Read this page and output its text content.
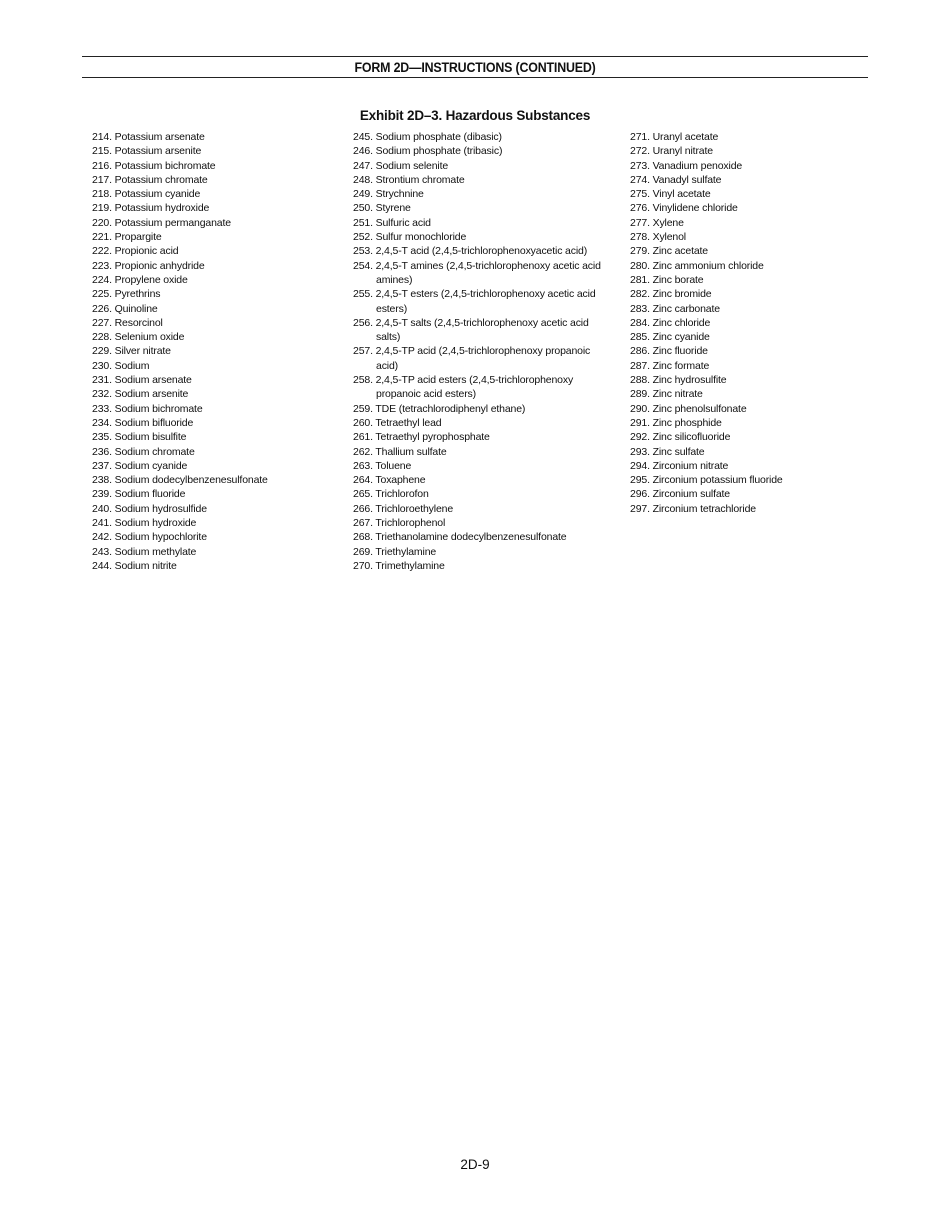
FORM 2D—INSTRUCTIONS (CONTINUED)
Exhibit 2D–3. Hazardous Substances
214. Potassium arsenate
215. Potassium arsenite
216. Potassium bichromate
217. Potassium chromate
218. Potassium cyanide
219. Potassium hydroxide
220. Potassium permanganate
221. Propargite
222. Propionic acid
223. Propionic anhydride
224. Propylene oxide
225. Pyrethrins
226. Quinoline
227. Resorcinol
228. Selenium oxide
229. Silver nitrate
230. Sodium
231. Sodium arsenate
232. Sodium arsenite
233. Sodium bichromate
234. Sodium bifluoride
235. Sodium bisulfite
236. Sodium chromate
237. Sodium cyanide
238. Sodium dodecylbenzenesulfonate
239. Sodium fluoride
240. Sodium hydrosulfide
241. Sodium hydroxide
242. Sodium hypochlorite
243. Sodium methylate
244. Sodium nitrite
245. Sodium phosphate (dibasic)
246. Sodium phosphate (tribasic)
247. Sodium selenite
248. Strontium chromate
249. Strychnine
250. Styrene
251. Sulfuric acid
252. Sulfur monochloride
253. 2,4,5-T acid (2,4,5-trichlorophenoxyacetic acid)
254. 2,4,5-T amines (2,4,5-trichlorophenoxy acetic acid amines)
255. 2,4,5-T esters (2,4,5-trichlorophenoxy acetic acid esters)
256. 2,4,5-T salts (2,4,5-trichlorophenoxy acetic acid salts)
257. 2,4,5-TP acid (2,4,5-trichlorophenoxy propanoic acid)
258. 2,4,5-TP acid esters (2,4,5-trichlorophenoxy propanoic acid esters)
259. TDE (tetrachlorodiphenyl ethane)
260. Tetraethyl lead
261. Tetraethyl pyrophosphate
262. Thallium sulfate
263. Toluene
264. Toxaphene
265. Trichlorofon
266. Trichloroethylene
267. Trichlorophenol
268. Triethanolamine dodecylbenzenesulfonate
269. Triethylamine
270. Trimethylamine
271. Uranyl acetate
272. Uranyl nitrate
273. Vanadium penoxide
274. Vanadyl sulfate
275. Vinyl acetate
276. Vinylidene chloride
277. Xylene
278. Xylenol
279. Zinc acetate
280. Zinc ammonium chloride
281. Zinc borate
282. Zinc bromide
283. Zinc carbonate
284. Zinc chloride
285. Zinc cyanide
286. Zinc fluoride
287. Zinc formate
288. Zinc hydrosulfite
289. Zinc nitrate
290. Zinc phenolsulfonate
291. Zinc phosphide
292. Zinc silicofluoride
293. Zinc sulfate
294. Zirconium nitrate
295. Zirconium potassium fluoride
296. Zirconium sulfate
297. Zirconium tetrachloride
2D-9
